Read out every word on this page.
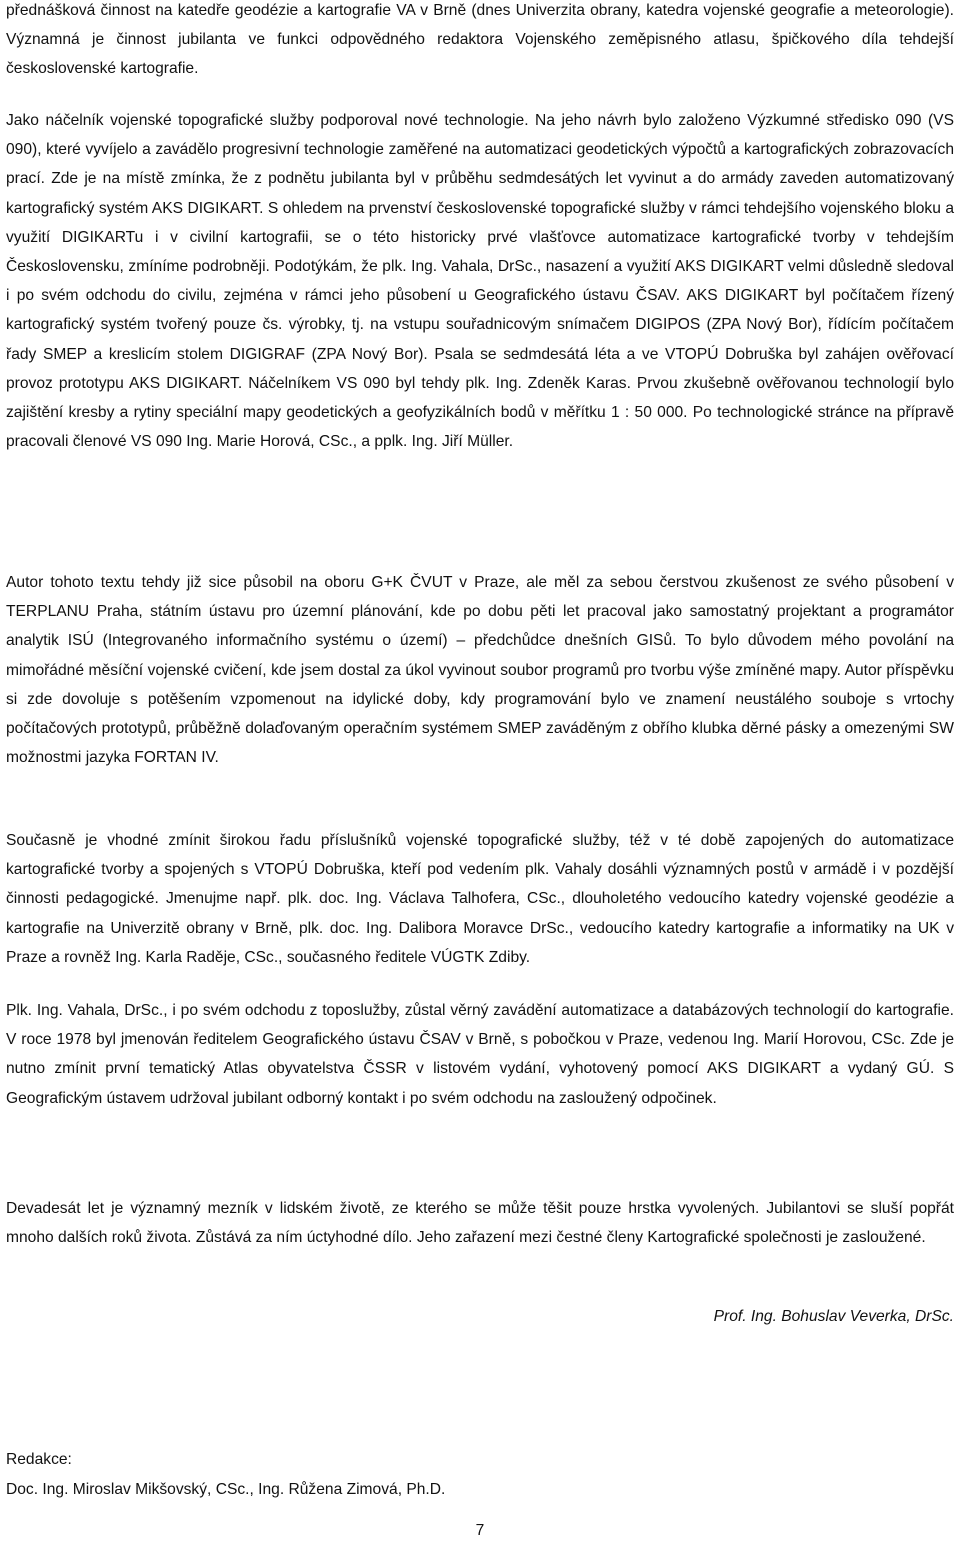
přednášková činnost na katedře geodézie a kartografie VA v Brně (dnes Univerzita obrany, katedra vojenské geografie a meteorologie). Významná je činnost jubilanta ve funkci odpovědného redaktora Vojenského zeměpisného atlasu, špičkového díla tehdejší československé kartografie.

Jako náčelník vojenské topografické služby podporoval nové technologie. Na jeho návrh bylo založeno Výzkumné středisko 090 (VS 090), které vyvíjelo a zavádělo progresivní technologie zaměřené na automatizaci geodetických výpočtů a kartografických zobrazovacích prací. Zde je na místě zmínka, že z podnětu jubilanta byl v průběhu sedmdesátých let vyvinut a do armády zaveden automatizovaný kartografický systém AKS DIGIKART. S ohledem na prvenství československé topografické služby v rámci tehdejšího vojenského bloku a využití DIGIKARTu i v civilní kartografii, se o této historicky prvé vlašťovce automatizace kartografické tvorby v tehdejším Československu, zmíníme podrobněji. Podotýkám, že plk. Ing. Vahala, DrSc., nasazení a využití AKS DIGIKART velmi důsledně sledoval i po svém odchodu do civilu, zejména v rámci jeho působení u Geografického ústavu ČSAV. AKS DIGIKART byl počítačem řízený kartografický systém tvořený pouze čs. výrobky, tj. na vstupu souřadnicovým snímačem DIGIPOS (ZPA Nový Bor), řídícím počítačem řady SMEP a kreslicím stolem DIGIGRAF (ZPA Nový Bor). Psala se sedmdesátá léta a ve VTOPÚ Dobruška byl zahájen ověřovací provoz prototypu AKS DIGIKART. Náčelníkem VS 090 byl tehdy plk. Ing. Zdeněk Karas. Prvou zkušebně ověřovanou technologií bylo zajištění kresby a rytiny speciální mapy geodetických a geofyzikálních bodů v měřítku 1 : 50 000. Po technologické stránce na přípravě pracovali členové VS 090 Ing. Marie Horová, CSc., a pplk. Ing. Jiří Müller.

Autor tohoto textu tehdy již sice působil na oboru G+K ČVUT v Praze, ale měl za sebou čerstvou zkušenost ze svého působení v TERPLANU Praha, státním ústavu pro územní plánování, kde po dobu pěti let pracoval jako samostatný projektant a programátor analytik ISÚ (Integrovaného informačního systému o území) – předchůdce dnešních GISů. To bylo důvodem mého povolání na mimořádné měsíční vojenské cvičení, kde jsem dostal za úkol vyvinout soubor programů pro tvorbu výše zmíněné mapy. Autor příspěvku si zde dovoluje s potěšením vzpomenout na idylické doby, kdy programování bylo ve znamení neustálého souboje s vrtochy počítačových prototypů, průběžně dolaďovaným operačním systémem SMEP zaváděným z obřího klubka děrné pásky a omezenými SW možnostmi jazyka FORTAN IV.

Současně je vhodné zmínit širokou řadu příslušníků vojenské topografické služby, též v té době zapojených do automatizace kartografické tvorby a spojených s VTOPÚ Dobruška, kteří pod vedením plk. Vahaly dosáhli významných postů v armádě i v pozdější činnosti pedagogické. Jmenujme např. plk. doc. Ing. Václava Talhofera, CSc., dlouholetého vedoucího katedry vojenské geodézie a kartografie na Univerzitě obrany v Brně, plk. doc. Ing. Dalibora Moravce DrSc., vedoucího katedry kartografie a informatiky na UK v Praze a rovněž Ing. Karla Raděje, CSc., současného ředitele VÚGTK Zdiby.

Plk. Ing. Vahala, DrSc., i po svém odchodu z toposlužby, zůstal věrný zavádění automatizace a databázových technologií do kartografie. V roce 1978 byl jmenován ředitelem Geografického ústavu ČSAV v Brně, s pobočkou v Praze, vedenou Ing. Marií Horovou, CSc. Zde je nutno zmínit první tematický Atlas obyvatelstva ČSSR v listovém vydání, vyhotovený pomocí AKS DIGIKART a vydaný GÚ. S Geografickým ústavem udržoval jubilant odborný kontakt i po svém odchodu na zasloužený odpočinek.

Devadesát let je významný mezník v lidském životě, ze kterého se může těšit pouze hrstka vyvolených. Jubilantovi se sluší popřát mnoho dalších roků života. Zůstává za ním úctyhodné dílo. Jeho zařazení mezi čestné členy Kartografické společnosti je zasloužené.

Prof. Ing. Bohuslav Veverka, DrSc.

Redakce:

Doc. Ing. Miroslav Mikšovský, CSc., Ing. Růžena Zimová, Ph.D.

7
